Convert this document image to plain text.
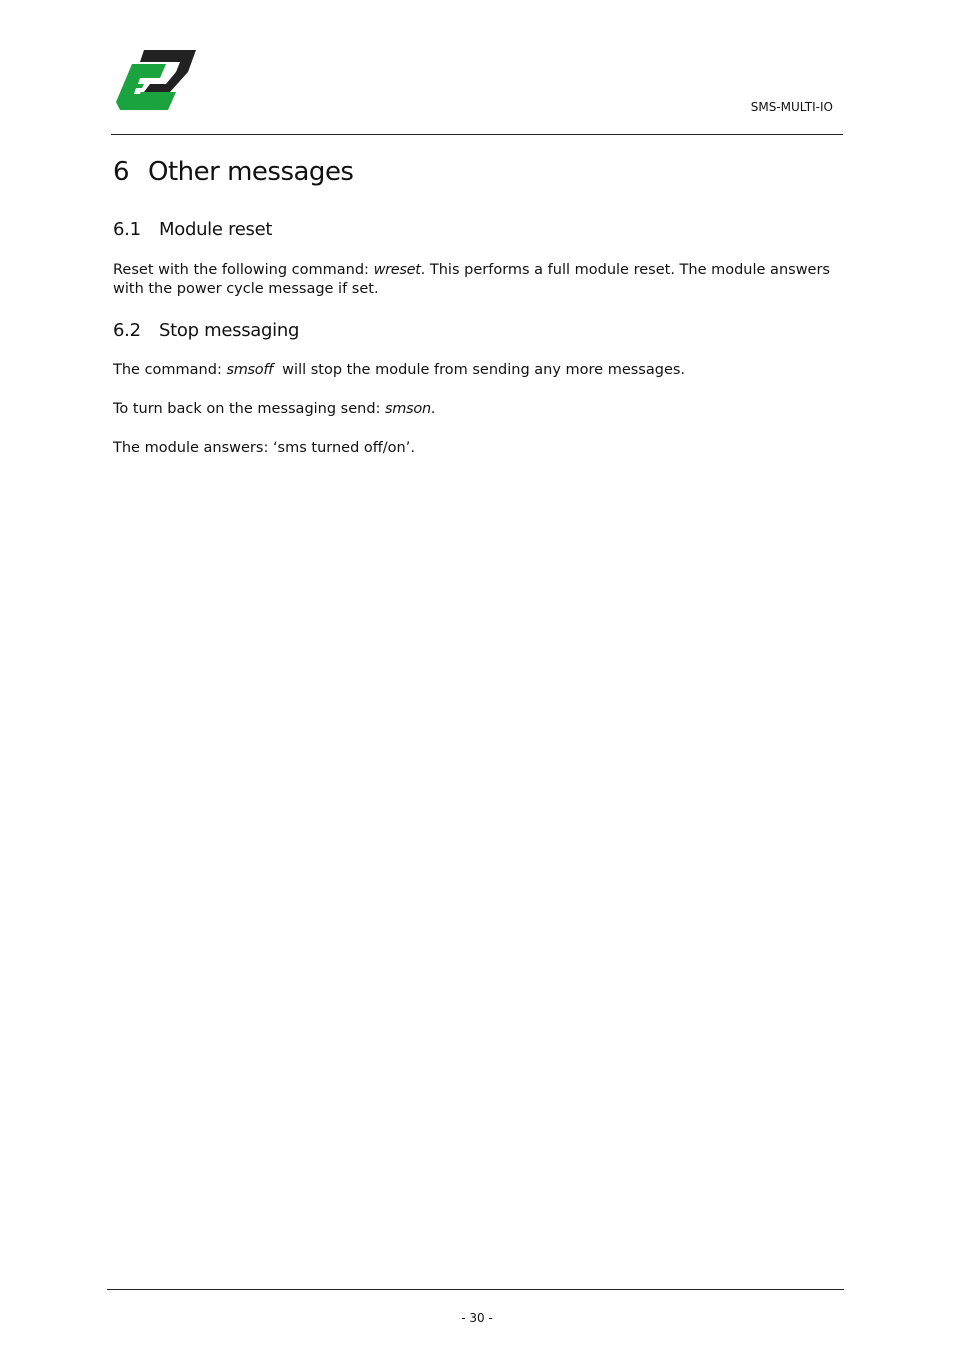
SMS-MULTI-IO
6 Other messages
6.1 Module reset

Reset with the following command: wreset. This performs a full module reset. The module answers with the power cycle message if set.

6.2 Stop messaging

The command: smsoff  will stop the module from sending any more messages.

To turn back on the messaging send: smson.

The module answers: ‘sms turned off/on’.

- 30 -
